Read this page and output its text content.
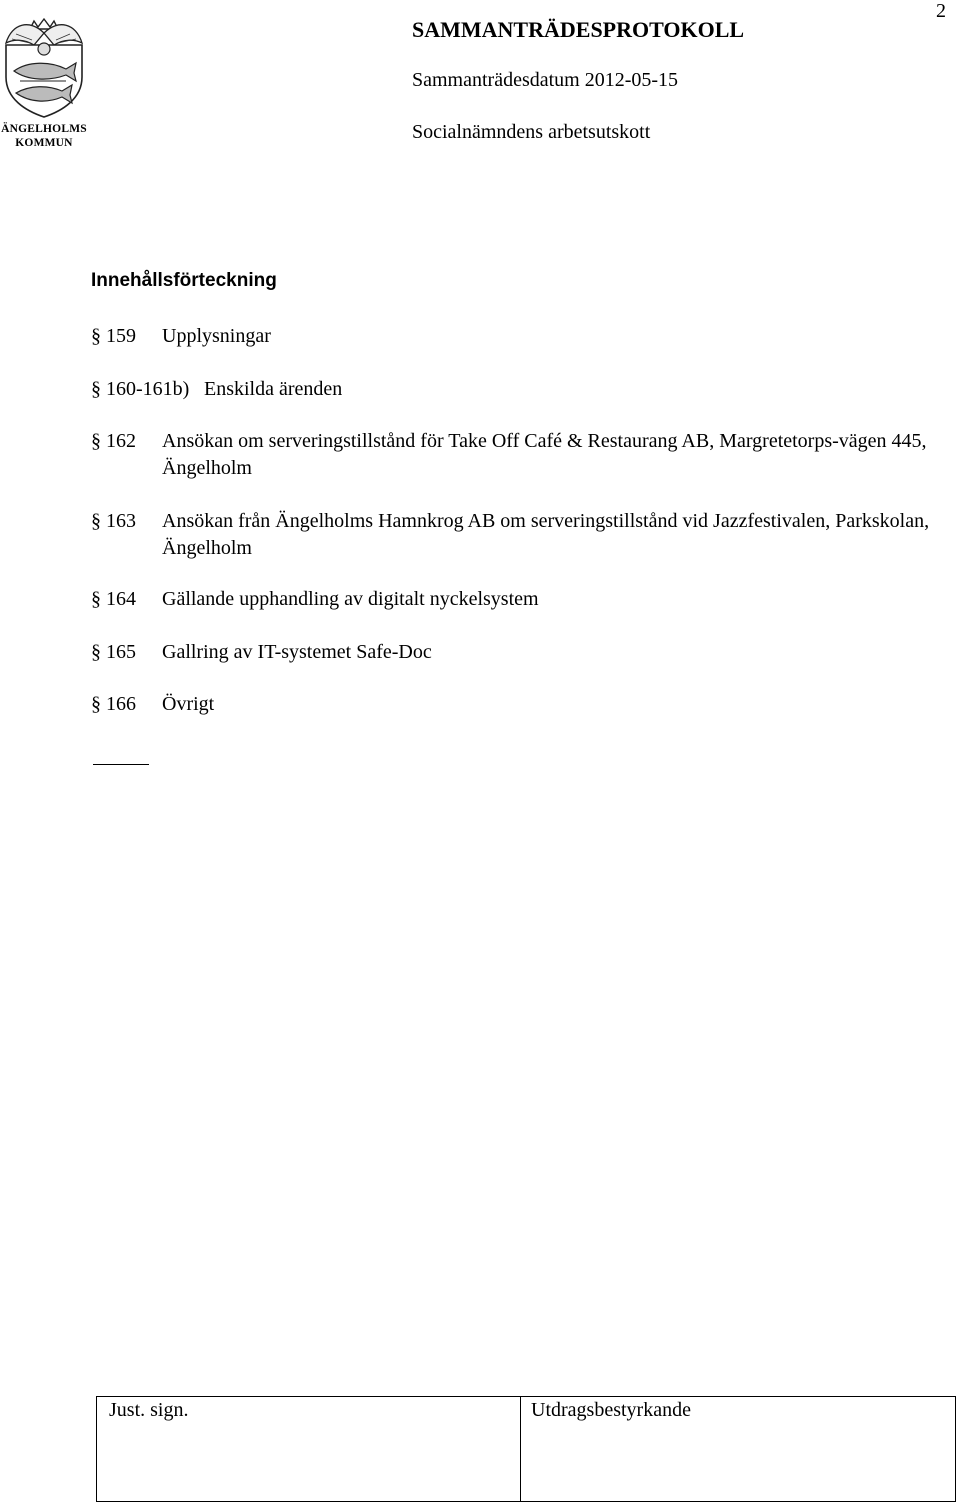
2
ÄNGELHOLMS
KOMMUN
SAMMANTRÄDESPROTOKOLL
Sammanträdesdatum 2012-05-15
Socialnämndens arbetsutskott
Innehållsförteckning
§ 159 Upplysningar
§ 160-161b) Enskilda ärenden
§ 162 Ansökan om serveringstillstånd för Take Off Café & Restaurang AB, Margretetorps-vägen 445, Ängelholm
§ 163 Ansökan från Ängelholms Hamnkrog AB om serveringstillstånd vid Jazzfestivalen, Parkskolan, Ängelholm
§ 164 Gällande upphandling av digitalt nyckelsystem
§ 165 Gallring av IT-systemet Safe-Doc
§ 166 Övrigt
Just. sign.	Utdragsbestyrkande
